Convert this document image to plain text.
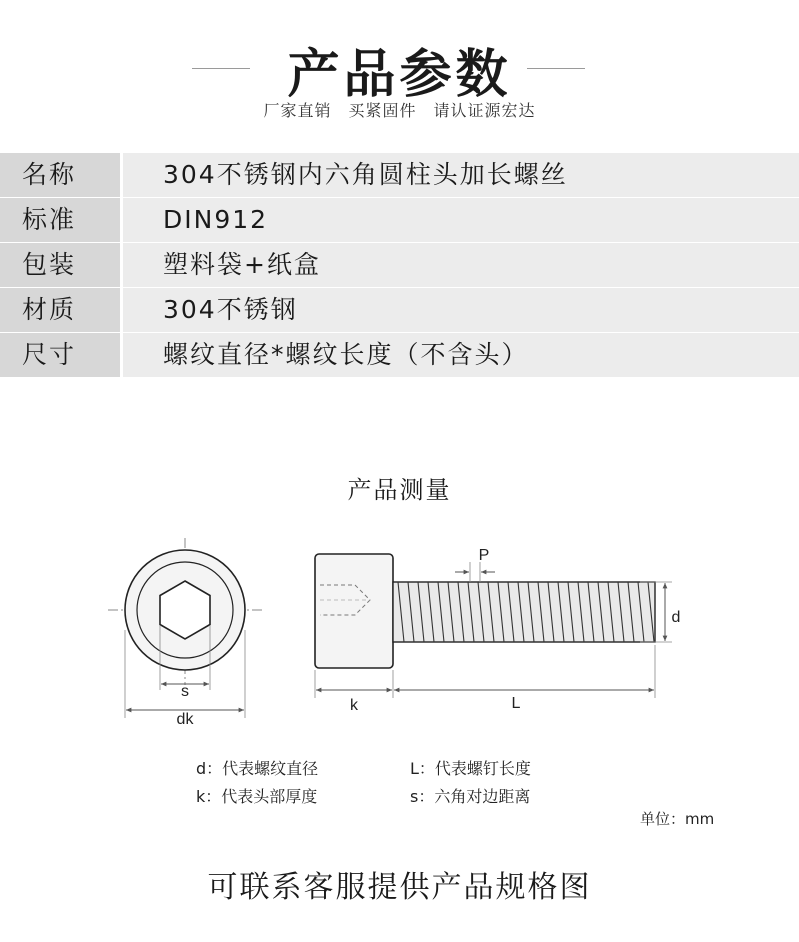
产品参数
厂家直销　买紧固件　请认证源宏达
名称	304不锈钢内六角圆柱头加长螺丝
标准	DIN912
包装	塑料袋+纸盒
材质	304不锈钢
尺寸	螺纹直径*螺纹长度（不含头）
产品测量
s
dk
P
d
k	L
d：代表螺纹直径
k：代表头部厚度
L：代表螺钉长度
s：六角对边距离
单位：mm
可联系客服提供产品规格图
